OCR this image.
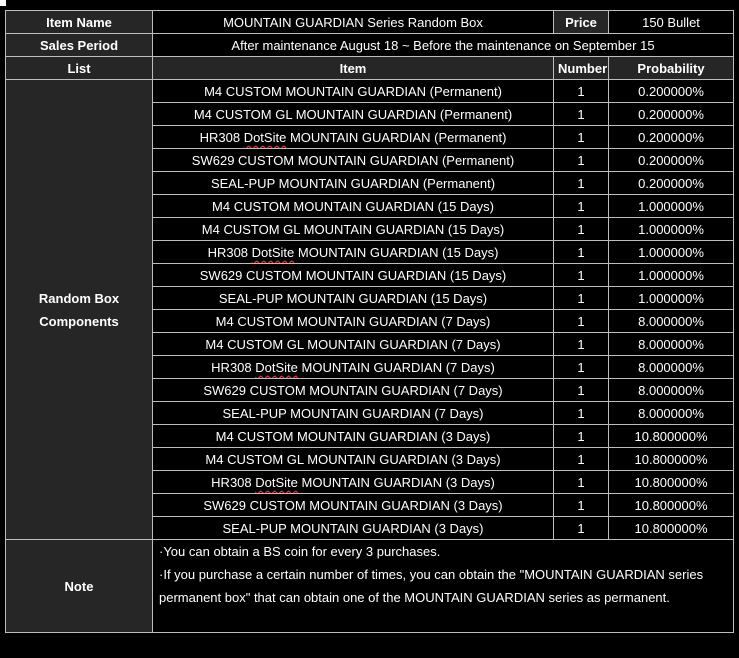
Item Name	MOUNTAIN GUARDIAN Series Random Box	Price	150 Bullet
Sales Period	After maintenance August 18 ~ Before the maintenance on September 15		
List	Item	Number	Probability
Random Box Components	M4 CUSTOM MOUNTAIN GUARDIAN (Permanent)	1	0.200000%
	M4 CUSTOM GL MOUNTAIN GUARDIAN (Permanent)	1	0.200000%
	HR308 DotSite MOUNTAIN GUARDIAN (Permanent)	1	0.200000%
	SW629 CUSTOM MOUNTAIN GUARDIAN (Permanent)	1	0.200000%
	SEAL-PUP MOUNTAIN GUARDIAN (Permanent)	1	0.200000%
	M4 CUSTOM MOUNTAIN GUARDIAN (15 Days)	1	1.000000%
	M4 CUSTOM GL MOUNTAIN GUARDIAN (15 Days)	1	1.000000%
	HR308 DotSite MOUNTAIN GUARDIAN (15 Days)	1	1.000000%
	SW629 CUSTOM MOUNTAIN GUARDIAN (15 Days)	1	1.000000%
	SEAL-PUP MOUNTAIN GUARDIAN (15 Days)	1	1.000000%
	M4 CUSTOM MOUNTAIN GUARDIAN (7 Days)	1	8.000000%
	M4 CUSTOM GL MOUNTAIN GUARDIAN (7 Days)	1	8.000000%
	HR308 DotSite MOUNTAIN GUARDIAN (7 Days)	1	8.000000%
	SW629 CUSTOM MOUNTAIN GUARDIAN (7 Days)	1	8.000000%
	SEAL-PUP MOUNTAIN GUARDIAN (7 Days)	1	8.000000%
	M4 CUSTOM MOUNTAIN GUARDIAN (3 Days)	1	10.800000%
	M4 CUSTOM GL MOUNTAIN GUARDIAN (3 Days)	1	10.800000%
	HR308 DotSite MOUNTAIN GUARDIAN (3 Days)	1	10.800000%
	SW629 CUSTOM MOUNTAIN GUARDIAN (3 Days)	1	10.800000%
	SEAL-PUP MOUNTAIN GUARDIAN (3 Days)	1	10.800000%
Note	·You can obtain a BS coin for every 3 purchases.
·If you purchase a certain number of times, you can obtain the "MOUNTAIN GUARDIAN series permanent box" that can obtain one of the MOUNTAIN GUARDIAN series as permanent.		
